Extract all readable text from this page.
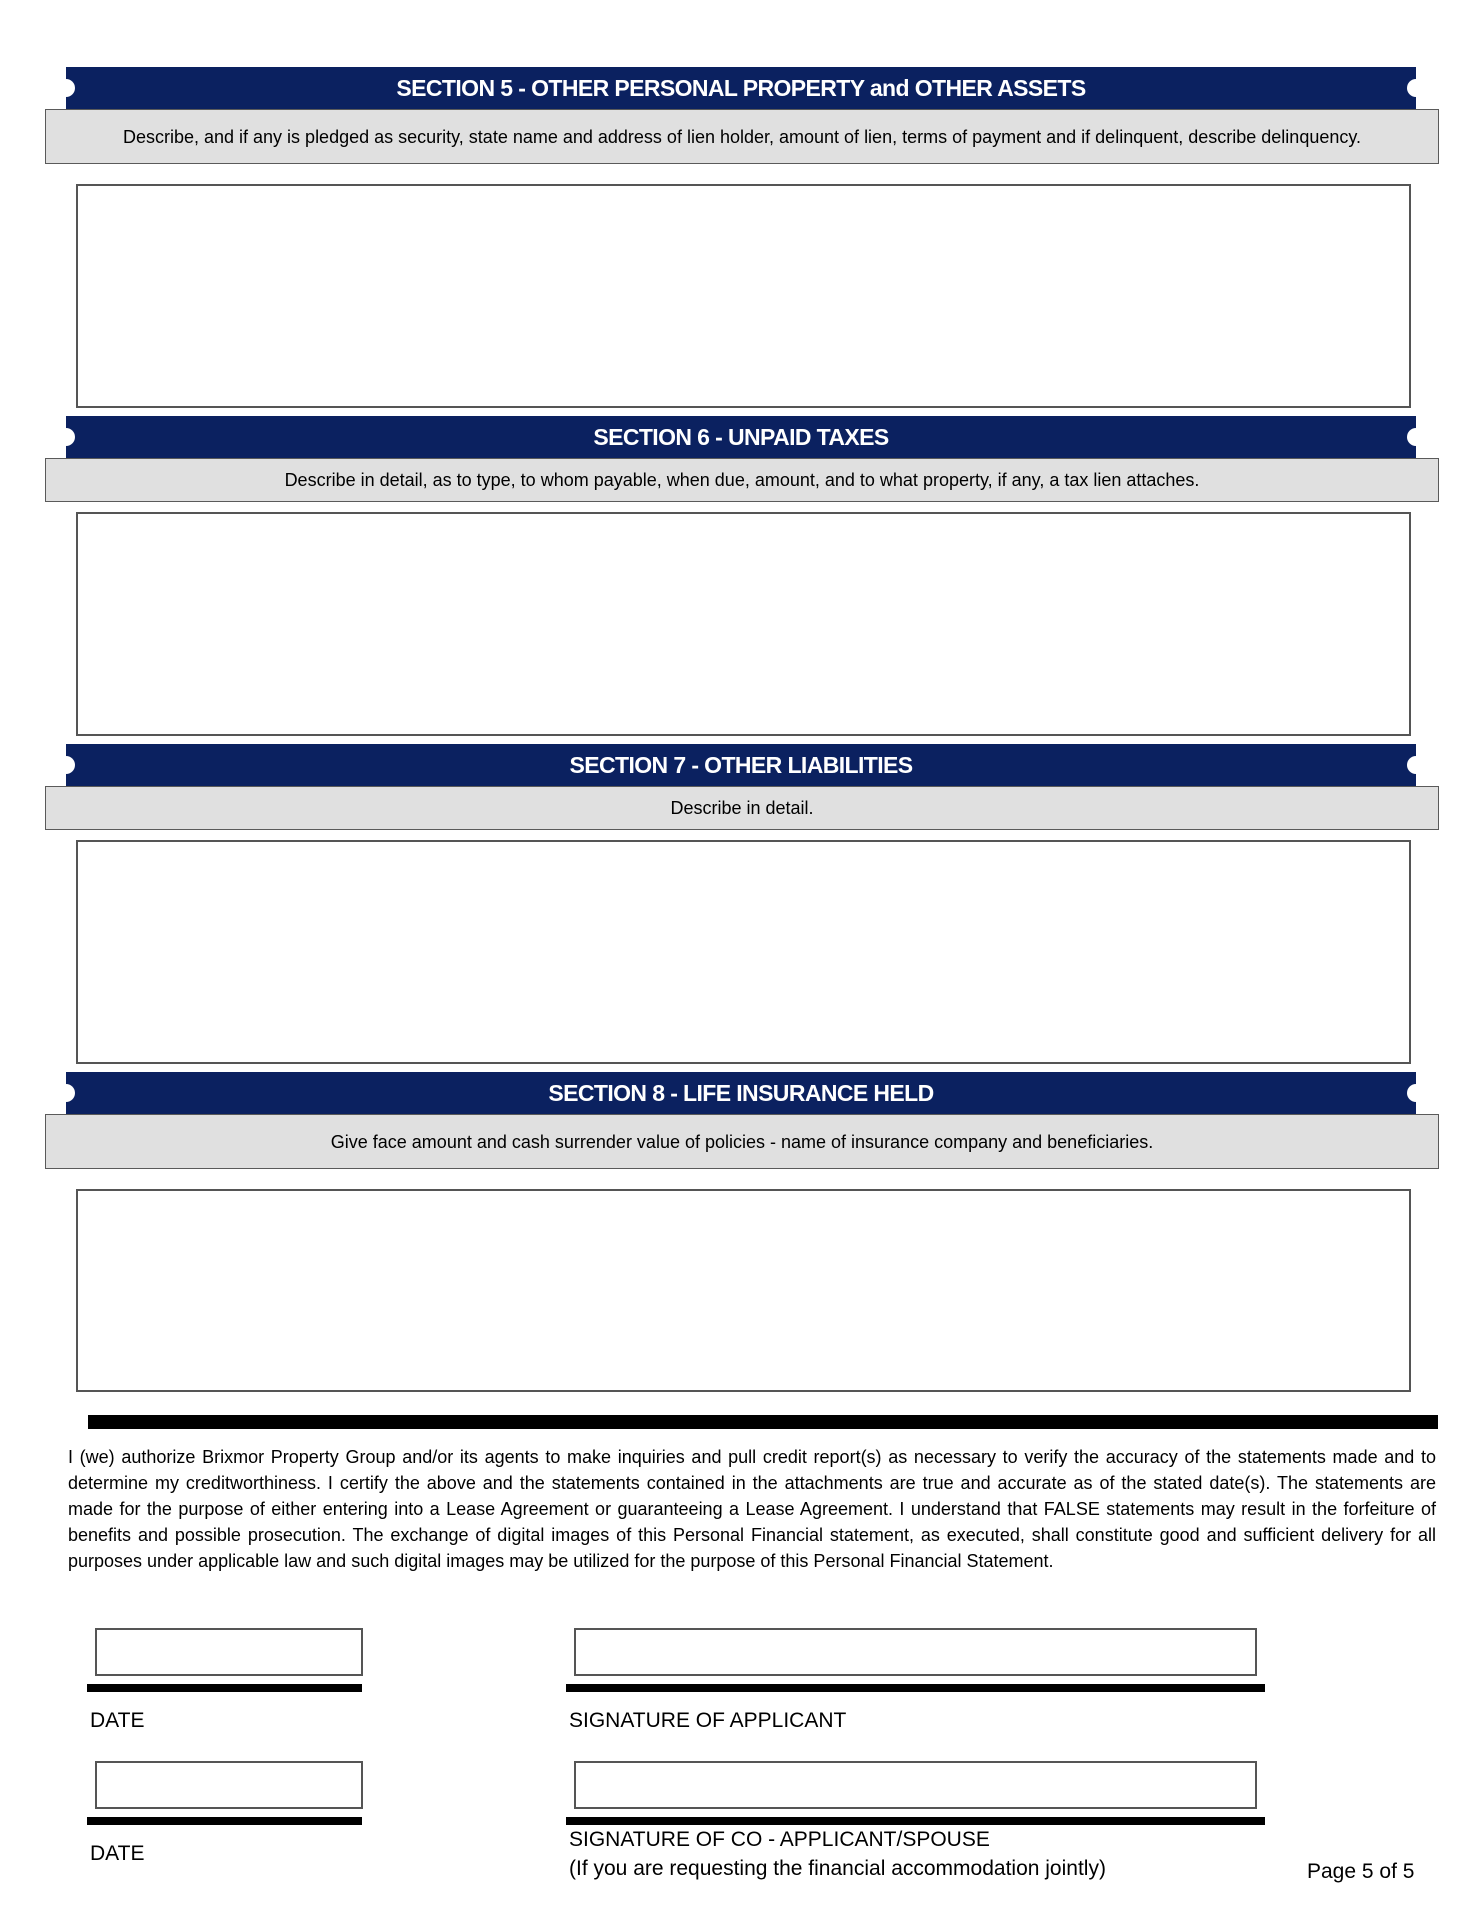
SECTION 5 - OTHER PERSONAL PROPERTY and OTHER ASSETS
Describe, and if any is pledged as security, state name and address of lien holder, amount of lien, terms of payment and if delinquent, describe delinquency.
SECTION 6 - UNPAID TAXES
Describe in detail, as to type, to whom payable, when due, amount, and to what property, if any, a tax lien attaches.
SECTION 7 - OTHER LIABILITIES
Describe in detail.
SECTION 8 - LIFE INSURANCE HELD
Give face amount and cash surrender value of policies - name of insurance company and beneficiaries.
I (we) authorize Brixmor Property Group and/or its agents to make inquiries and pull credit report(s) as necessary to verify the accuracy of the statements made and to determine my creditworthiness. I certify the above and the statements contained in the attachments are true and accurate as of the stated date(s). The statements are made for the purpose of either entering into a Lease Agreement or guaranteeing a Lease Agreement. I understand that FALSE statements may result in the forfeiture of benefits and possible prosecution. The exchange of digital images of this Personal Financial statement, as executed, shall constitute good and sufficient delivery for all purposes under applicable law and such digital images may be utilized for the purpose of this Personal Financial Statement.
DATE	SIGNATURE OF APPLICANT
DATE
SIGNATURE OF CO - APPLICANT/SPOUSE
(If you are requesting the financial accommodation jointly)	Page 5 of 5
